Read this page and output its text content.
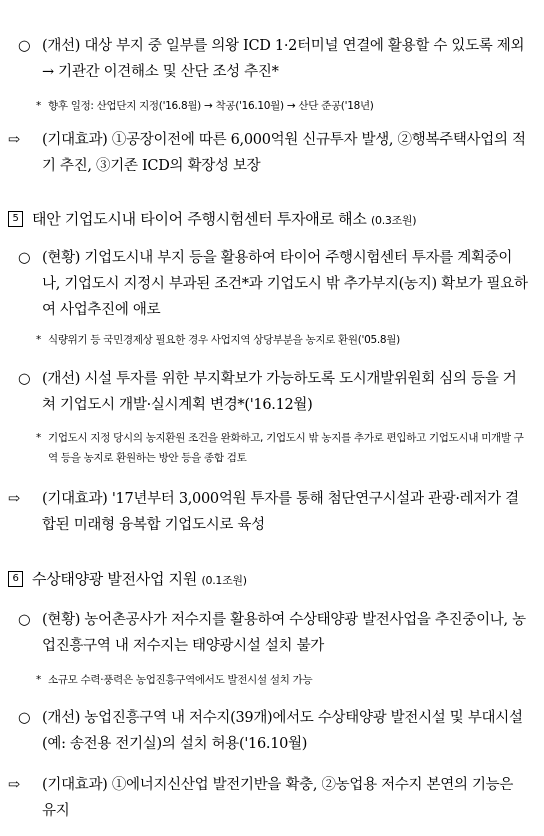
○ (개선) 대상 부지 중 일부를 의왕 ICD 1·2터미널 연결에 활용할 수 있도록 제외 → 기관간 이견해소 및 산단 조성 추진*
* 향후 일정: 산업단지 지정('16.8월) → 착공('16.10월) → 산단 준공('18년)
⇨ (기대효과) ①공장이전에 따른 6,000억원 신규투자 발생, ②행복주택사업의 적기 추진, ③기존 ICD의 확장성 보장
5 태안 기업도시내 타이어 주행시험센터 투자애로 해소 (0.3조원)
○ (현황) 기업도시내 부지 등을 활용하여 타이어 주행시험센터 투자를 계획중이나, 기업도시 지정시 부과된 조건*과 기업도시 밖 추가부지(농지) 확보가 필요하여 사업추진에 애로
* 식량위기 등 국민경제상 필요한 경우 사업지역 상당부분을 농지로 환원('05.8월)
○ (개선) 시설 투자를 위한 부지확보가 가능하도록 도시개발위원회 심의 등을 거쳐 기업도시 개발·실시계획 변경*('16.12월)
* 기업도시 지정 당시의 농지환원 조건을 완화하고, 기업도시 밖 농지를 추가로 편입하고 기업도시내 미개발 구역 등을 농지로 환원하는 방안 등을 종합 검토
⇨ (기대효과) '17년부터 3,000억원 투자를 통해 첨단연구시설과 관광·레저가 결합된 미래형 융복합 기업도시로 육성
6 수상태양광 발전사업 지원 (0.1조원)
○ (현황) 농어촌공사가 저수지를 활용하여 수상태양광 발전사업을 추진중이나, 농업진흥구역 내 저수지는 태양광시설 설치 불가
* 소규모 수력·풍력은 농업진흥구역에서도 발전시설 설치 가능
○ (개선) 농업진흥구역 내 저수지(39개)에서도 수상태양광 발전시설 및 부대시설(예: 송전용 전기실)의 설치 허용('16.10월)
⇨ (기대효과) ①에너지신산업 발전기반을 확충, ②농업용 저수지 본연의 기능은 유지
